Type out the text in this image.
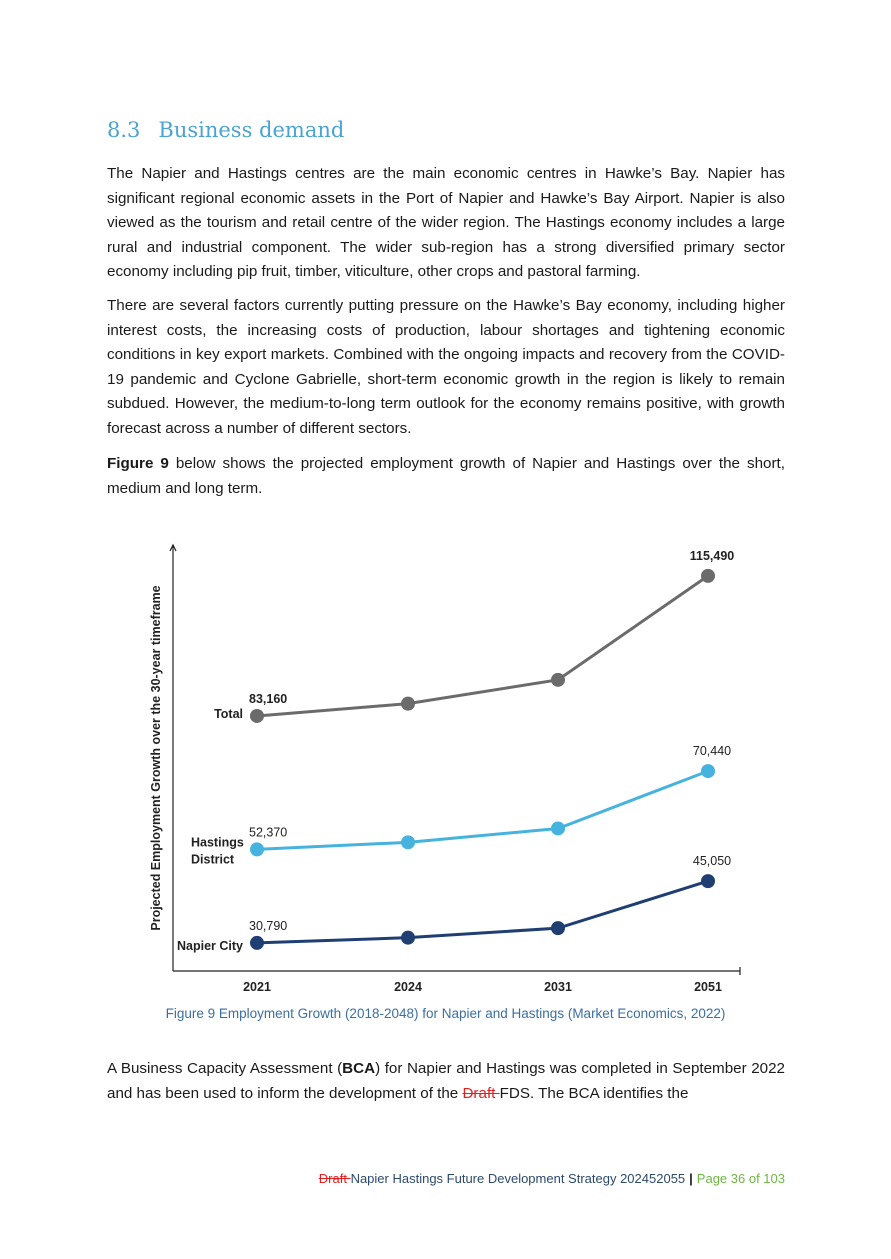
8.3 Business demand

The Napier and Hastings centres are the main economic centres in Hawke’s Bay. Napier has significant regional economic assets in the Port of Napier and Hawke’s Bay Airport. Napier is also viewed as the tourism and retail centre of the wider region. The Hastings economy includes a large rural and industrial component. The wider sub-region has a strong diversified primary sector economy including pip fruit, timber, viticulture, other crops and pastoral farming.

There are several factors currently putting pressure on the Hawke’s Bay economy, including higher interest costs, the increasing costs of production, labour shortages and tightening economic conditions in key export markets. Combined with the ongoing impacts and recovery from the COVID-19 pandemic and Cyclone Gabrielle, short-term economic growth in the region is likely to remain subdued. However, the medium-to-long term outlook for the economy remains positive, with growth forecast across a number of different sectors.

Figure 9 below shows the projected employment growth of Napier and Hastings over the short, medium and long term.

Projected Employment Growth over the 30-year timeframe
2021	2024	2031	2051
83,160
115,490
Total
52,370
70,440
Hastings District
30,790
45,050
Napier City

Figure 9 Employment Growth (2018-2048) for Napier and Hastings (Market Economics, 2022)

A Business Capacity Assessment (BCA) for Napier and Hastings was completed in September 2022 and has been used to inform the development of the Draft FDS. The BCA identifies the

Draft Napier Hastings Future Development Strategy 202452055 | Page 36 of 103
